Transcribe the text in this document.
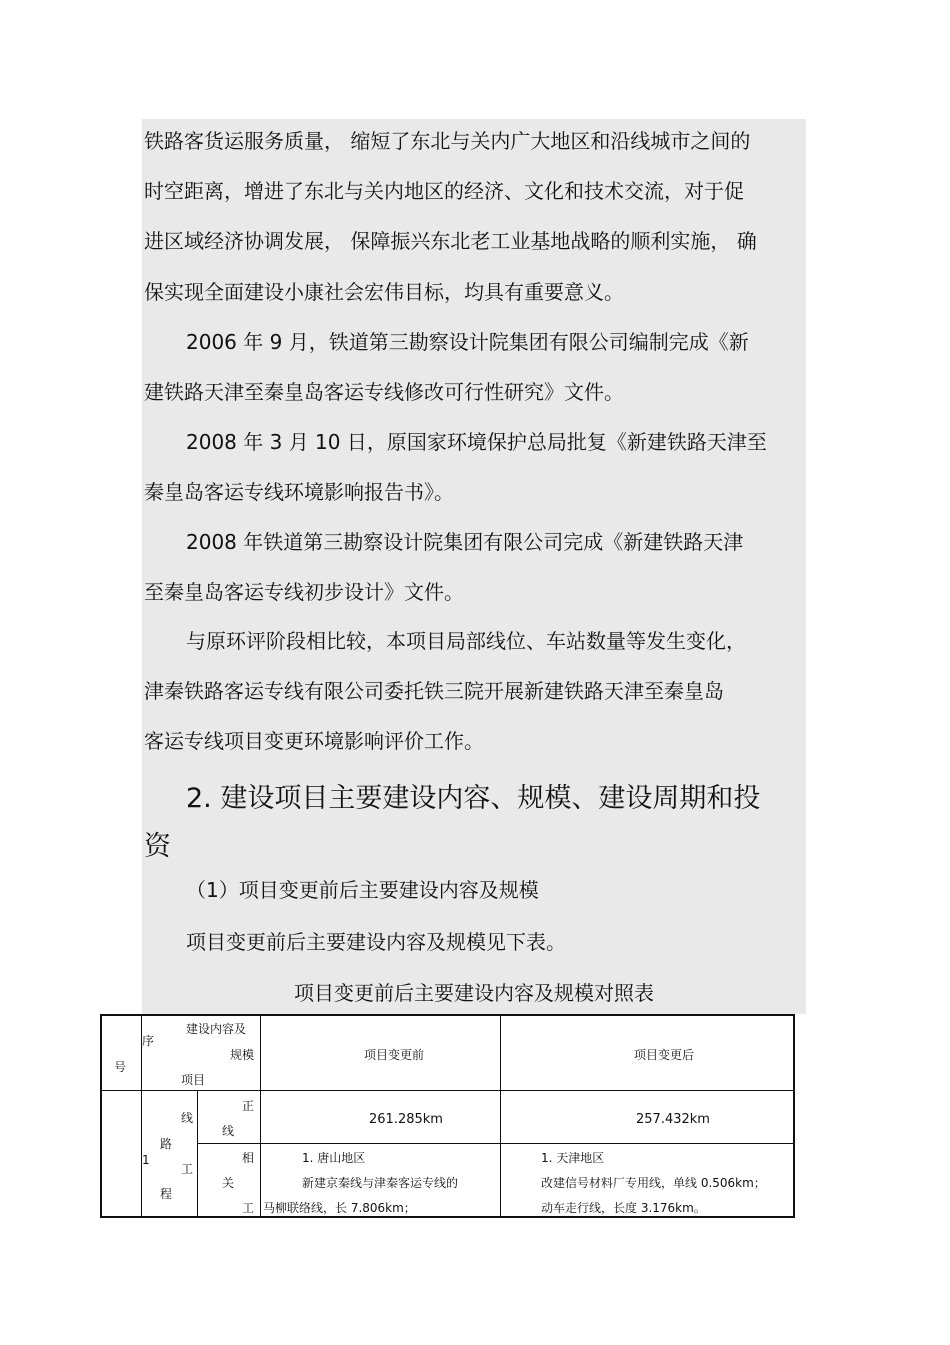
铁路客货运服务质量， 缩短了东北与关内广大地区和沿线城市之间的
时空距离，增进了东北与关内地区的经济、文化和技术交流，对于促
进区域经济协调发展， 保障振兴东北老工业基地战略的顺利实施， 确
保实现全面建设小康社会宏伟目标，均具有重要意义。
2006 年 9 月，铁道第三勘察设计院集团有限公司编制完成《新
建铁路天津至秦皇岛客运专线修改可行性研究》文件。
2008 年 3 月 10 日，原国家环境保护总局批复《新建铁路天津至
秦皇岛客运专线环境影响报告书》。
2008 年铁道第三勘察设计院集团有限公司完成《新建铁路天津
至秦皇岛客运专线初步设计》文件。
与原环评阶段相比较，本项目局部线位、车站数量等发生变化，
津秦铁路客运专线有限公司委托铁三院开展新建铁路天津至秦皇岛
客运专线项目变更环境影响评价工作。
2. 建设项目主要建设内容、规模、建设周期和投
资
（1）项目变更前后主要建设内容及规模
项目变更前后主要建设内容及规模见下表。
项目变更前后主要建设内容及规模对照表
序
号
建设内容及
规模
项目
项目变更前	项目变更后
1
线
路
工
程
正
线
261.285km	257.432km
相
关
工
1. 唐山地区
新建京秦线与津秦客运专线的
马柳联络线，长 7.806km；
1. 天津地区
改建信号材料厂专用线，单线 0.506km；
动车走行线，长度 3.176km。
